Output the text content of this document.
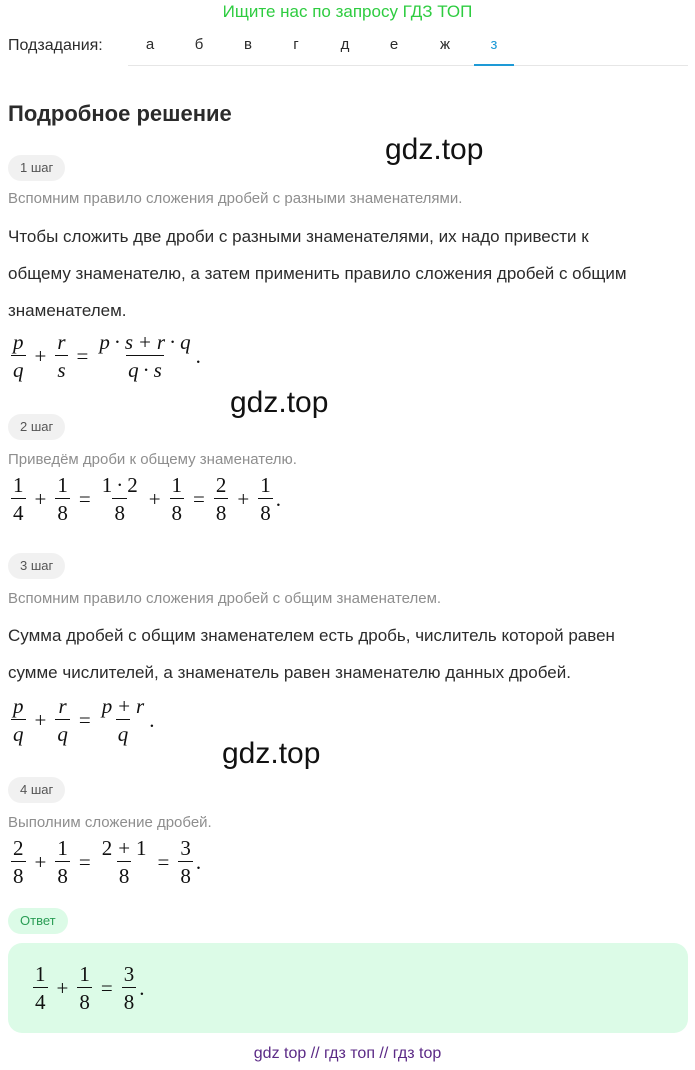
Ищите нас по запросу ГДЗ ТОП
Подзадания:	а	б	в	г	д	е	ж	з
Подробное решение
gdz.top
gdz.top
gdz.top
1 шаг
Вспомним правило сложения дробей с разными знаменателями.

Чтобы сложить две дроби с разными знаменателями, их надо привести к

общему знаменателю, а затем применить правило сложения дробей с общим

знаменателем.

$\frac{p}{q} + \frac{r}{s} = \frac{p \cdot s + r \cdot q}{q \cdot s}$ .
2 шаг
Приведём дроби к общему знаменателю.
$\frac{1}{4} + \frac{1}{8} = \frac{1 \cdot 2}{8} + \frac{1}{8} = \frac{2}{8} + \frac{1}{8}$ .
3 шаг
Вспомним правило сложения дробей с общим знаменателем.

Сумма дробей с общим знаменателем есть дробь, числитель которой равен

сумме числителей, а знаменатель равен знаменателю данных дробей.

$\frac{p}{q} + \frac{r}{q} = \frac{p + r}{q}$ .
4 шаг
Выполним сложение дробей.
$\frac{2}{8} + \frac{1}{8} = \frac{2 + 1}{8} = \frac{3}{8}$ .
Ответ
$\frac{1}{4} + \frac{1}{8} = \frac{3}{8}$ .
gdz top // гдз топ // гдз top
